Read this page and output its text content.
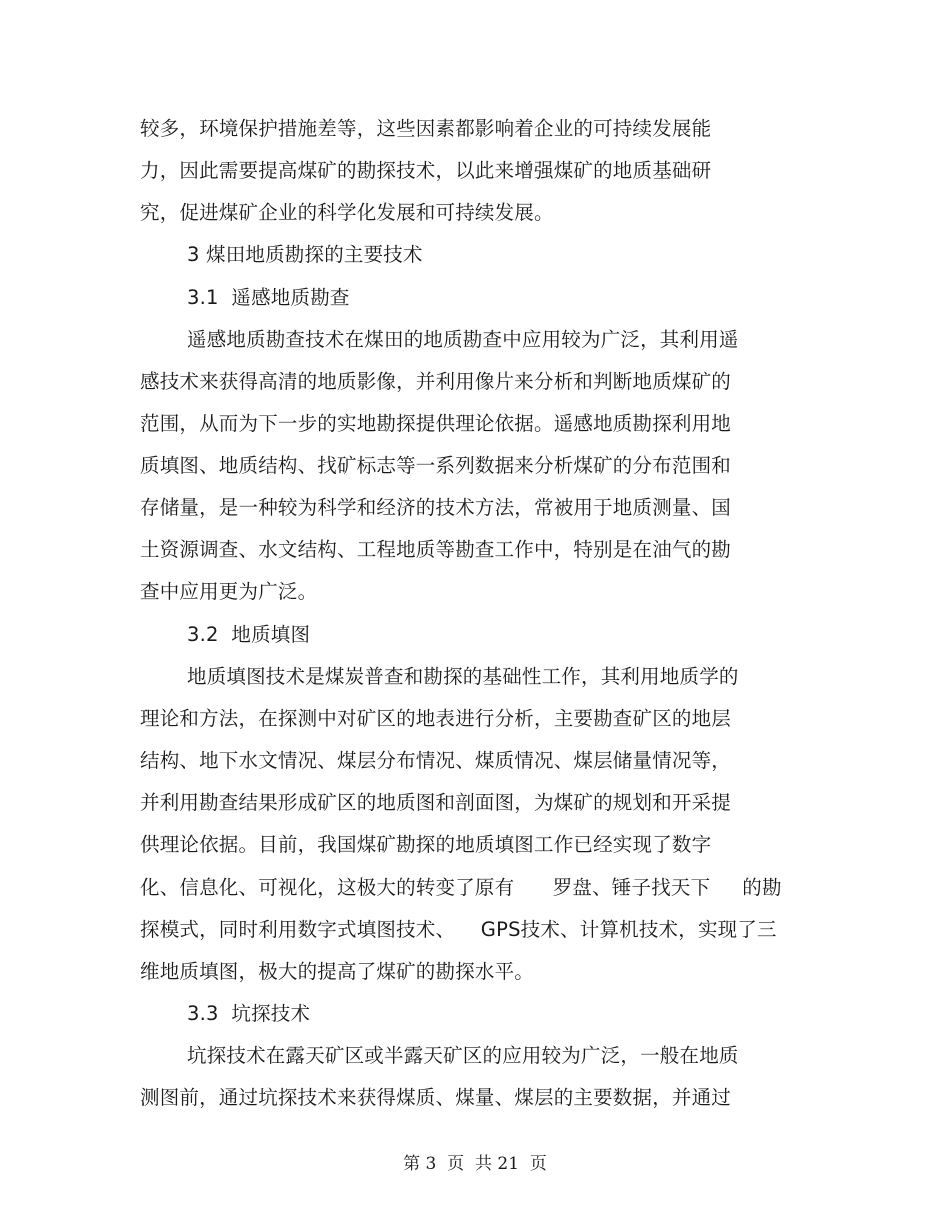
较多，环境保护措施差等，这些因素都影响着企业的可持续发展能
力，因此需要提高煤矿的勘探技术，以此来增强煤矿的地质基础研
究，促进煤矿企业的科学化发展和可持续发展。
3 煤田地质勘探的主要技术
3.1  遥感地质勘查
遥感地质勘查技术在煤田的地质勘查中应用较为广泛，其利用遥
感技术来获得高清的地质影像，并利用像片来分析和判断地质煤矿的
范围，从而为下一步的实地勘探提供理论依据。遥感地质勘探利用地
质填图、地质结构、找矿标志等一系列数据来分析煤矿的分布范围和
存储量，是一种较为科学和经济的技术方法，常被用于地质测量、国
土资源调查、水文结构、工程地质等勘查工作中，特别是在油气的勘
查中应用更为广泛。
3.2  地质填图
地质填图技术是煤炭普查和勘探的基础性工作，其利用地质学的
理论和方法，在探测中对矿区的地表进行分析，主要勘查矿区的地层
结构、地下水文情况、煤层分布情况、煤质情况、煤层储量情况等，
并利用勘查结果形成矿区的地质图和剖面图，为煤矿的规划和开采提
供理论依据。目前，我国煤矿勘探的地质填图工作已经实现了数字
化、信息化、可视化，这极大的转变了原有      罗盘、锤子找天下     的勘
探模式，同时利用数字式填图技术、    GPS技术、计算机技术，实现了三
维地质填图，极大的提高了煤矿的勘探水平。
3.3  坑探技术
坑探技术在露天矿区或半露天矿区的应用较为广泛，一般在地质
测图前，通过坑探技术来获得煤质、煤量、煤层的主要数据，并通过
第 3  页  共 21  页
